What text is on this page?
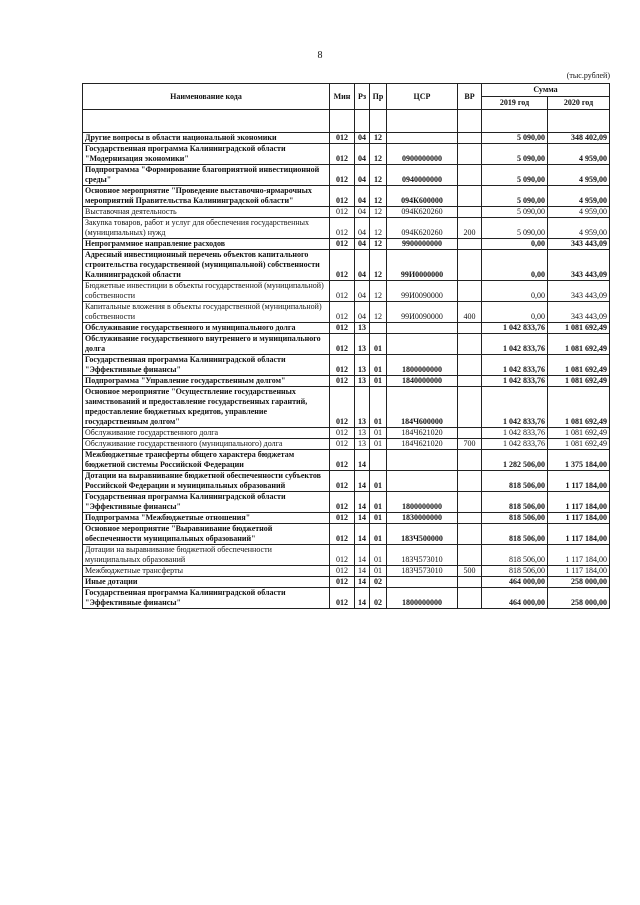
8
(тыс.рублей)
Наименование кода	Мин	Рз	Пр	ЦСР	ВР	Сумма	
						2019 год	2020 год

Другие вопросы в области национальной экономики	012	04	12			5 090,00	348 402,09
Государственная программа Калининградской области "Модернизация экономики"	012	04	12	0900000000		5 090,00	4 959,00
Подпрограмма "Формирование благоприятной инвестиционной среды"	012	04	12	0940000000		5 090,00	4 959,00
Основное мероприятие "Проведение выставочно-ярмарочных мероприятий Правительства Калининградской области"	012	04	12	094К600000		5 090,00	4 959,00
Выставочная деятельность	012	04	12	094К620260		5 090,00	4 959,00
Закупка товаров, работ и услуг для обеспечения государственных (муниципальных) нужд	012	04	12	094К620260	200	5 090,00	4 959,00
Непрограммное направление расходов	012	04	12	9900000000		0,00	343 443,09
Адресный инвестиционный перечень объектов капитального строительства государственной (муниципальной) собственности Калининградской области	012	04	12	99И0000000		0,00	343 443,09
Бюджетные инвестиции в объекты государственной (муниципальной) собственности	012	04	12	99И0090000		0,00	343 443,09
Капитальные вложения в объекты государственной (муниципальной) собственности	012	04	12	99И0090000	400	0,00	343 443,09
Обслуживание государственного и муниципального долга	012	13				1 042 833,76	1 081 692,49
Обслуживание государственного внутреннего и муниципального долга	012	13	01			1 042 833,76	1 081 692,49
Государственная программа Калининградской области "Эффективные финансы"	012	13	01	1800000000		1 042 833,76	1 081 692,49
Подпрограмма "Управление государственным долгом"	012	13	01	1840000000		1 042 833,76	1 081 692,49
Основное мероприятие "Осуществление государственных заимствований и предоставление государственных гарантий, предоставление бюджетных кредитов, управление государственным долгом"	012	13	01	184Ч600000		1 042 833,76	1 081 692,49
Обслуживание государственного долга	012	13	01	184Ч621020		1 042 833,76	1 081 692,49
Обслуживание государственного (муниципального) долга	012	13	01	184Ч621020	700	1 042 833,76	1 081 692,49
Межбюджетные трансферты общего характера бюджетам бюджетной системы Российской Федерации	012	14				1 282 506,00	1 375 184,00
Дотации на выравнивание бюджетной обеспеченности субъектов Российской Федерации и муниципальных образований	012	14	01			818 506,00	1 117 184,00
Государственная программа Калининградской области "Эффективные финансы"	012	14	01	1800000000		818 506,00	1 117 184,00
Подпрограмма "Межбюджетные отношения"	012	14	01	1830000000		818 506,00	1 117 184,00
Основное мероприятие "Выравнивание бюджетной обеспеченности муниципальных образований"	012	14	01	183Ч500000		818 506,00	1 117 184,00
Дотации на выравнивание бюджетной обеспеченности муниципальных образований	012	14	01	183Ч573010		818 506,00	1 117 184,00
Межбюджетные трансферты	012	14	01	183Ч573010	500	818 506,00	1 117 184,00
Иные дотации	012	14	02			464 000,00	258 000,00
Государственная программа Калининградской области "Эффективные финансы"	012	14	02	1800000000		464 000,00	258 000,00
